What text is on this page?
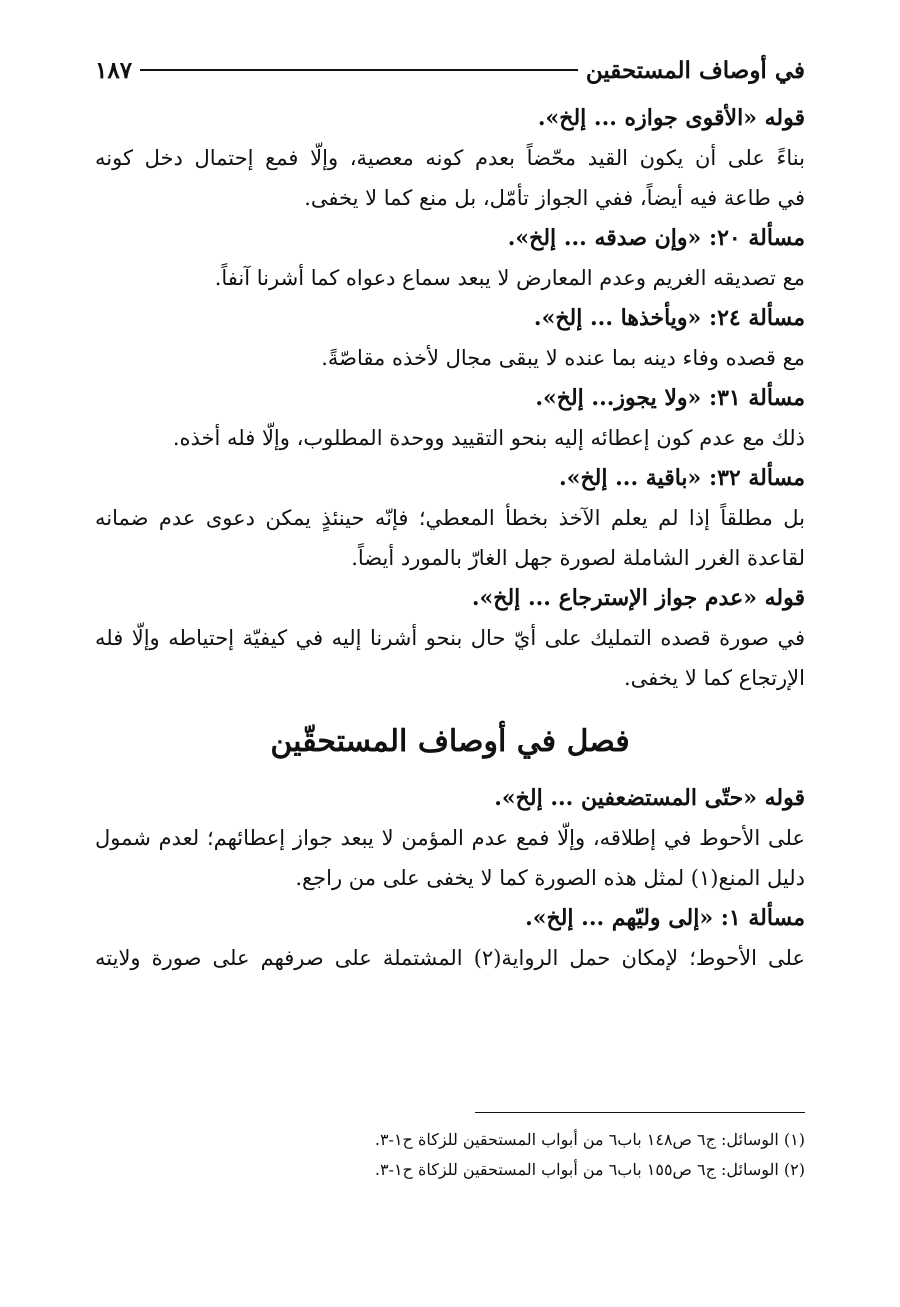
في أوصاف المستحقين
١٨٧
قوله «الأقوى جوازه ... إلخ».
بناءً على أن يكون القيد محّضاً بعدم كونه معصية، وإلّا فمع إحتمال دخل كونه
في طاعة فيه أيضاً، ففي الجواز تأمّل، بل منع كما لا يخفى.
مسألة ٢٠: «وإن صدقه ... إلخ».
مع تصديقه الغريم وعدم المعارض لا يبعد سماع دعواه كما أشرنا آنفاً.
مسألة ٢٤: «ويأخذها ... إلخ».
مع قصده وفاء دينه بما عنده لا يبقى مجال لأخذه مقاصّةً.
مسألة ٣١: «ولا يجوز... إلخ».
ذلك مع عدم كون إعطائه إليه بنحو التقييد ووحدة المطلوب، وإلّا فله أخذه.
مسألة ٣٢: «باقية ... إلخ».
بل مطلقاً إذا لم يعلم الآخذ بخطأ المعطي؛ فإنّه حينئذٍ يمكن دعوى عدم ضمانه
لقاعدة الغرر الشاملة لصورة جهل الغارّ بالمورد أيضاً.
قوله «عدم جواز الإسترجاع ... إلخ».
في صورة قصده التمليك على أيّ حال بنحو أشرنا إليه في كيفيّة إحتياطه وإلّا فله
الإرتجاع كما لا يخفى.
فصل في أوصاف المستحقّين
قوله «حتّى المستضعفين ... إلخ».
على الأحوط في إطلاقه، وإلّا فمع عدم المؤمن لا يبعد جواز إعطائهم؛ لعدم شمول
دليل المنع(١) لمثل هذه الصورة كما لا يخفى على من راجع.
مسألة ١: «إلى وليّهم ... إلخ».
على الأحوط؛ لإمكان حمل الرواية(٢) المشتملة على صرفهم على صورة ولايته
(١) الوسائل: ج٦ ص١٤٨ باب٦ من أبواب المستحقين للزكاة ح١-٣.
(٢) الوسائل: ج٦ ص١٥٥ باب٦ من أبواب المستحقين للزكاة ح١-٣.
